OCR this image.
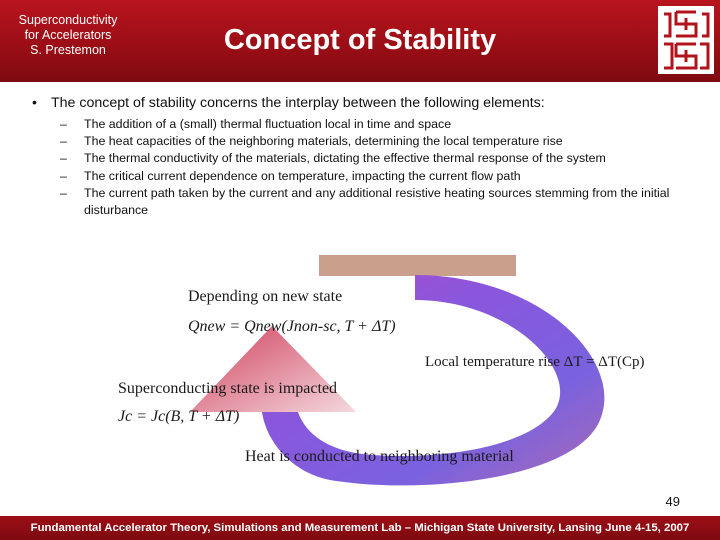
Superconductivity
for Accelerators
S. Prestemon	Concept of Stability
• The concept of stability concerns the interplay between the following elements:
– The addition of a (small) thermal fluctuation local in time and space
– The heat capacities of the neighboring materials, determining the local temperature rise
– The thermal conductivity of the materials, dictating the effective thermal response of the system
– The critical current dependence on temperature, impacting the current flow path
– The current path taken by the current and any additional resistive heating sources stemming from the initial disturbance
Depending on new state
Qnew = Qnew(Jnon-sc, T + ΔT)
Local temperature rise ΔT = ΔT(Cp)
Superconducting state is impacted
Jc = Jc(B, T + ΔT)
Heat is conducted to neighboring material
49
Fundamental Accelerator Theory, Simulations and Measurement Lab – Michigan State University, Lansing June 4-15, 2007
